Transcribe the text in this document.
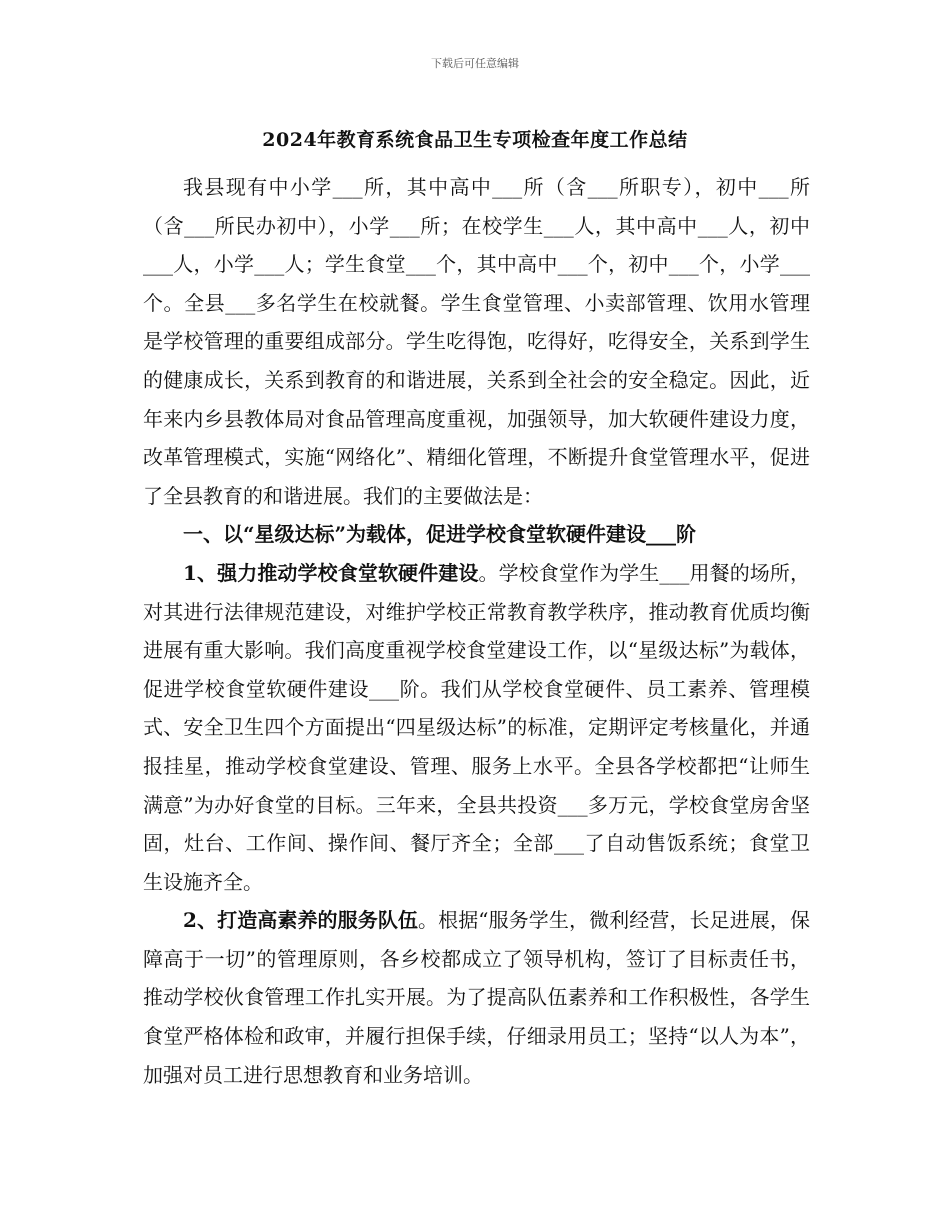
下载后可任意编辑
2024年教育系统食品卫生专项检查年度工作总结

我县现有中小学___所，其中高中___所（含___所职专），初中___所（含___所民办初中），小学___所；在校学生___人，其中高中___人，初中___人，小学___人；学生食堂___个，其中高中___个，初中___个，小学___个。全县___多名学生在校就餐。学生食堂管理、小卖部管理、饮用水管理是学校管理的重要组成部分。学生吃得饱，吃得好，吃得安全，关系到学生的健康成长，关系到教育的和谐进展，关系到全社会的安全稳定。因此，近年来内乡县教体局对食品管理高度重视，加强领导，加大软硬件建设力度，改革管理模式，实施“网络化”、精细化管理，不断提升食堂管理水平，促进了全县教育的和谐进展。我们的主要做法是：

一、以“星级达标”为载体，促进学校食堂软硬件建设___阶

1、强力推动学校食堂软硬件建设。学校食堂作为学生___用餐的场所，对其进行法律规范建设，对维护学校正常教育教学秩序，推动教育优质均衡进展有重大影响。我们高度重视学校食堂建设工作，以“星级达标”为载体，促进学校食堂软硬件建设___阶。我们从学校食堂硬件、员工素养、管理模式、安全卫生四个方面提出“四星级达标”的标准，定期评定考核量化，并通报挂星，推动学校食堂建设、管理、服务上水平。全县各学校都把“让师生满意”为办好食堂的目标。三年来，全县共投资___多万元，学校食堂房舍坚固，灶台、工作间、操作间、餐厅齐全；全部___了自动售饭系统；食堂卫生设施齐全。

2、打造高素养的服务队伍。根据“服务学生，微利经营，长足进展，保障高于一切”的管理原则，各乡校都成立了领导机构，签订了目标责任书，推动学校伙食管理工作扎实开展。为了提高队伍素养和工作积极性，各学生食堂严格体检和政审，并履行担保手续，仔细录用员工；坚持“以人为本”，加强对员工进行思想教育和业务培训。
